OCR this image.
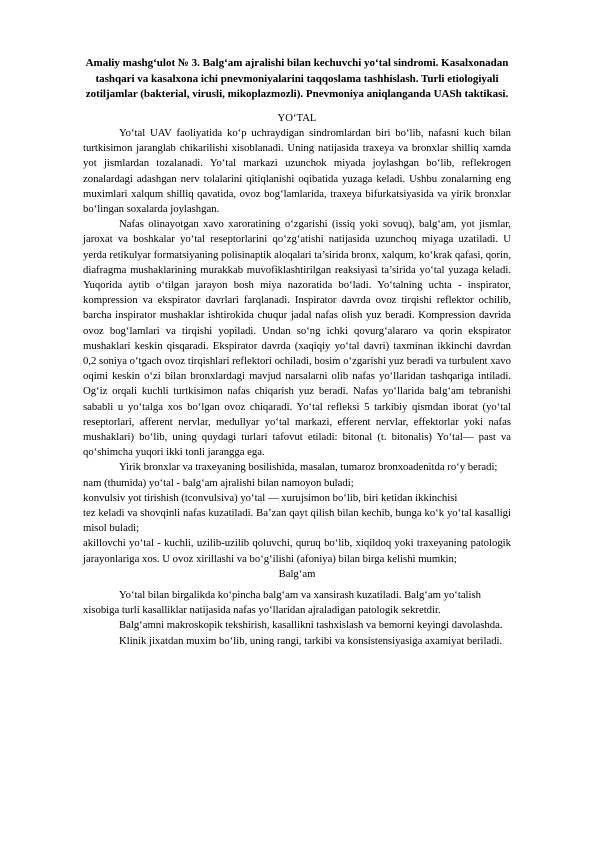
Amaliy mashg‘ulot № 3. Balg‘am ajralishi bilan kechuvchi yo‘tal sindromi. Kasalxonadan tashqari va kasalxona ichi pnevmoniyalarini taqqoslama tashhislash. Turli etiologiyali zotiljamlar (bakterial, virusli, mikoplazmozli). Pnevmoniya aniqlanganda UASh taktikasi.
YO‘TAL

Yo‘tal UAV faoliyatida ko‘p uchraydigan sindromlardan biri bo‘lib, nafasni kuch bilan turtkisimon jaranglab chikarilishi xisoblanadi. Uning natijasida traxeya va bronxlar shilliq xamda yot jismlardan tozalanadi. Yo‘tal markazi uzunchok miyada joylashgan bo‘lib, reflekrogen zonalardagi adashgan nerv tolalarini qitiqlanishi oqibatida yuzaga keladi. Ushbu zonalarning eng muximlari xalqum shilliq qavatida, ovoz bog‘lamlarida, traxeya bifurkatsiyasida va yirik bronxlar bo‘lingan soxalarda joylashgan.

Nafas olinayotgan xavo xaroratining o‘zgarishi (issiq yoki sovuq), balg‘am, yot jismlar, jaroxat va boshkalar yo‘tal reseptorlarini qo‘zg‘atishi natijasida uzunchoq miyaga uzatiladi. U yerda retikulyar formatsiyaning polisinaptik aloqalari ta’sirida bronx, xalqum, ko‘krak qafasi, qorin, diafragma mushaklarining murakkab muvofiklashtirilgan reaksiyasi ta’sirida yo‘tal yuzaga keladi. Yuqorida aytib o‘tilgan jarayon bosh miya nazoratida bo‘ladi. Yo‘talning uchta - inspirator, kompression va ekspirator davrlari farqlanadi. Inspirator davrda ovoz tirqishi reflektor ochilib, barcha inspirator mushaklar ishtirokida chuqur jadal nafas olish yuz beradi. Kompression davrida ovoz bog‘lamlari va tirqishi yopiladi. Undan so‘ng ichki qovurg‘alararo va qorin ekspirator mushaklari keskin qisqaradi. Ekspirator davrda (xaqiqiy yo‘tal davri) taxminan ikkinchi davrdan 0,2 soniya o‘tgach ovoz tirqishlari reflektori ochiladi, bosim o‘zgarishi yuz beradi va turbulent xavo oqimi keskin o‘zi bilan bronxlardagi mavjud narsalarni olib nafas yo‘llaridan tashqariga intiladi. Og‘iz orqali kuchli turtkisimon nafas chiqarish yuz beradi. Nafas yo‘llarida balg‘am tebranishi sababli u yo‘talga xos bo‘lgan ovoz chiqaradi. Yo‘tal refleksi 5 tarkibiy qismdan iborat (yo‘tal reseptorlari, afferent nervlar, medullyar yo‘tal markazi, efferent nervlar, effektorlar yoki nafas mushaklari) bo‘lib, uning quydagi turlari tafovut etiladi: bitonal (t. bitonalis) Yo‘tal— past va qo‘shimcha yuqori ikki tonli jarangga ega.

Yirik bronxlar va traxeyaning bosilishida, masalan, tumaroz bronxoadenitda ro‘y beradi;

nam (thumida) yo‘tal - balg‘am ajralishi bilan namoyon buladi;

konvulsiv yot tirishish (tconvulsiva) yo‘tal — xurujsimon bo‘lib, biri ketidan ikkinchisi

tez keladi va shovqinli nafas kuzatiladi. Ba’zan qayt qilish bilan kechib, bunga ko‘k yo‘tal kasalligi misol buladi;

akillovchi yo‘tal - kuchli, uzilib-uzilib qoluvchi, quruq bo‘lib, xiqildoq yoki traxeyaning patologik jarayonlariga xos. U ovoz xirillashi va bo‘g‘ilishi (afoniya) bilan birga kelishi mumkin;

Balg‘am

Yo‘tal bilan birgalikda ko‘pincha balg‘am va xansirash kuzatiladi. Balg‘am yo‘talish

xisobiga turli kasalliklar natijasida nafas yo‘llaridan ajraladigan patologik sekretdir.

Balg‘amni makroskopik tekshirish, kasallikni tashxislash va bemorni keyingi davolashda.

Klinik jixatdan muxim bo‘lib, uning rangi, tarkibi va konsistensiyasiga axamiyat beriladi.
